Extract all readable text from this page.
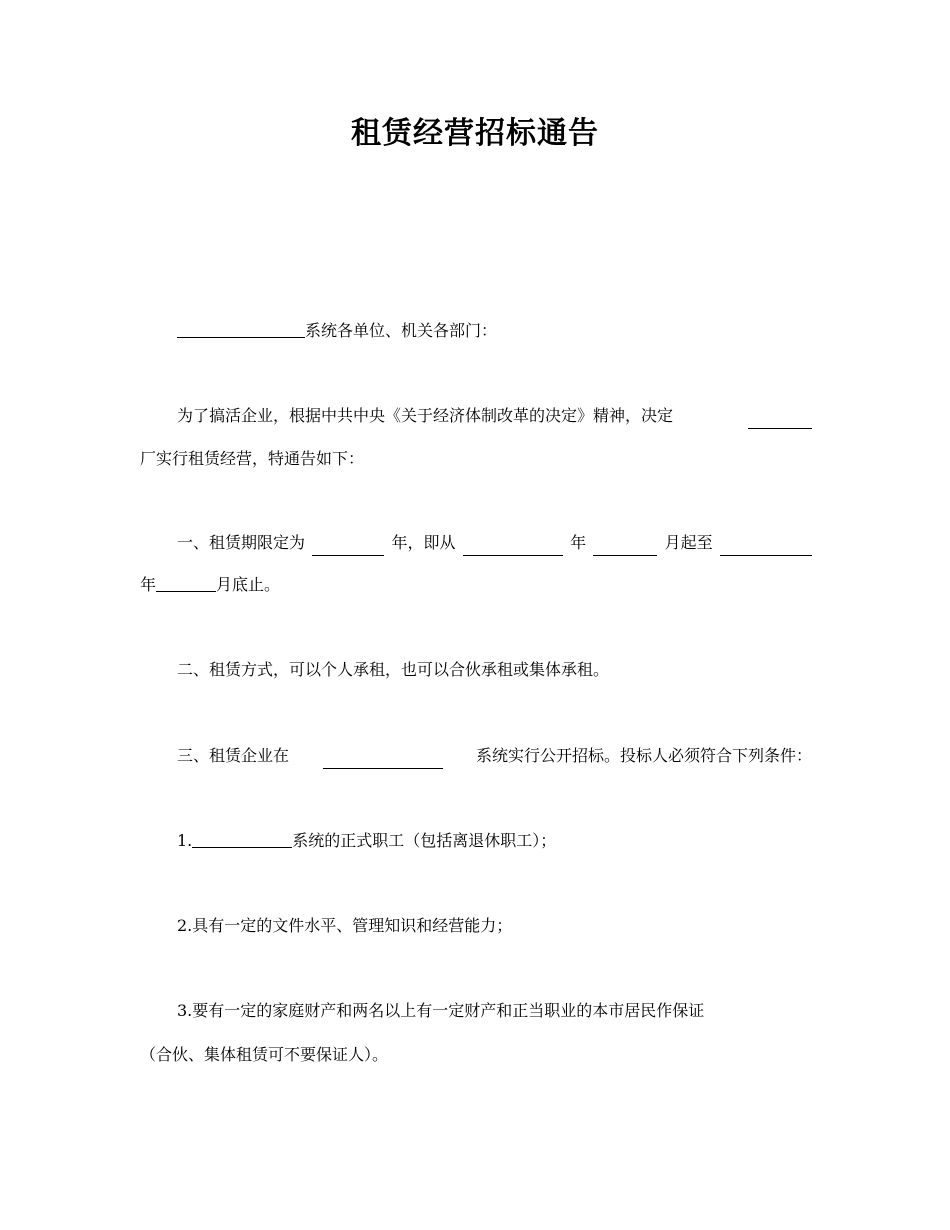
租赁经营招标通告
系统各单位、机关各部门：
为了搞活企业，根据中共中央《关于经济体制改革的决定》精神，决定
厂实行租赁经营，特通告如下：
一、租赁期限定为	年，即从	年	月起至
年	月底止。
二、租赁方式，可以个人承租，也可以合伙承租或集体承租。
三、租赁企业在	系统实行公开招标。投标人必须符合下列条件：
1.	系统的正式职工（包括离退休职工）；
2.具有一定的文件水平、管理知识和经营能力；
3.要有一定的家庭财产和两名以上有一定财产和正当职业的本市居民作保证
（合伙、集体租赁可不要保证人）。
